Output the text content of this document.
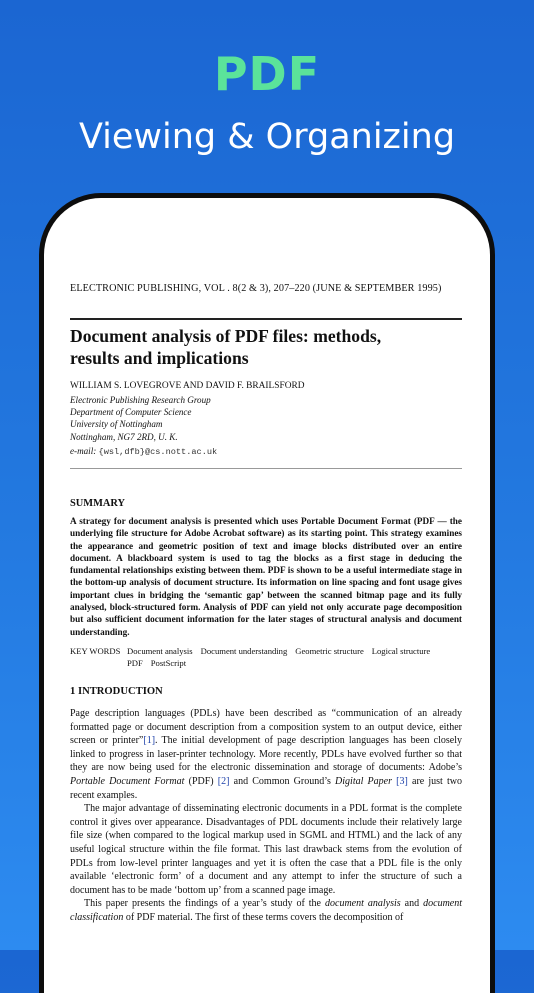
PDF
Viewing & Organizing
ELECTRONIC PUBLISHING, VOL . 8(2 & 3), 207–220 (JUNE & SEPTEMBER 1995)
Document analysis of PDF files: methods,
results and implications
WILLIAM S. LOVEGROVE AND DAVID F. BRAILSFORD
Electronic Publishing Research Group
Department of Computer Science
University of Nottingham
Nottingham, NG7 2RD, U. K.
e-mail: {wsl,dfb}@cs.nott.ac.uk
SUMMARY
A strategy for document analysis is presented which uses Portable Document Format (PDF — the underlying file structure for Adobe Acrobat software) as its starting point. This strategy examines the appearance and geometric position of text and image blocks distributed over an entire document. A blackboard system is used to tag the blocks as a first stage in deducing the fundamental relationships existing between them. PDF is shown to be a useful intermediate stage in the bottom-up analysis of document structure. Its information on line spacing and font usage gives important clues in bridging the ‘semantic gap’ between the scanned bitmap page and its fully analysed, block-structured form. Analysis of PDF can yield not only accurate page decomposition but also sufficient document information for the later stages of structural analysis and document understanding.
KEY WORDS Document analysis Document understanding Geometric structure Logical structure
PDF PostScript
1 INTRODUCTION

Page description languages (PDLs) have been described as “communication of an already formatted page or document description from a composition system to an output device, either screen or printer”[1]. The initial development of page description languages has been closely linked to progress in laser-printer technology. More recently, PDLs have evolved further so that they are now being used for the electronic dissemination and storage of documents: Adobe’s Portable Document Format (PDF) [2] and Common Ground’s Digital Paper [3] are just two recent examples.

The major advantage of disseminating electronic documents in a PDL format is the complete control it gives over appearance. Disadvantages of PDL documents include their relatively large file size (when compared to the logical markup used in SGML and HTML) and the lack of any useful logical structure within the file format. This last drawback stems from the evolution of PDLs from low-level printer languages and yet it is often the case that a PDL file is the only available ‘electronic form’ of a document and any attempt to infer the structure of such a document has to be made ‘bottom up’ from a scanned page image.

This paper presents the findings of a year’s study of the document analysis and document classification of PDF material. The first of these terms covers the decomposition of
